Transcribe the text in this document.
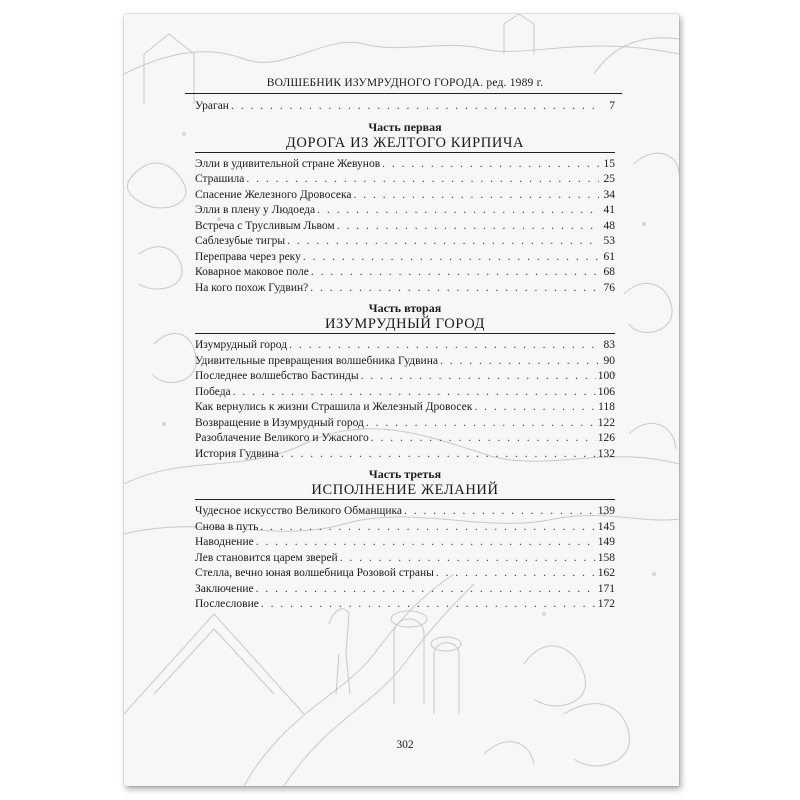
ВОЛШЕБНИК ИЗУМРУДНОГО ГОРОДА. ред. 1989 г.
Ураган . . .	7
Часть первая
ДОРОГА ИЗ ЖЕЛТОГО КИРПИЧА
Элли в удивительной стране Жевунов . . .	15
Страшила . . .	25
Спасение Железного Дровосека . . .	34
Элли в плену у Людоеда . . .	41
Встреча с Трусливым Львом . . .	48
Саблезубые тигры . . .	53
Переправа через реку . . .	61
Коварное маковое поле . . .	68
На кого похож Гудвин? . . .	76
Часть вторая
ИЗУМРУДНЫЙ ГОРОД
Изумрудный город . . .	83
Удивительные превращения волшебника Гудвина . . .	90
Последнее волшебство Бастинды . . .	100
Победа . . .	106
Как вернулись к жизни Страшила и Железный Дровосек . . .	118
Возвращение в Изумрудный город . . .	122
Разоблачение Великого и Ужасного . . .	126
История Гудвина . . .	132
Часть третья
ИСПОЛНЕНИЕ ЖЕЛАНИЙ
Чудесное искусство Великого Обманщика . . .	139
Снова в путь . . .	145
Наводнение . . .	149
Лев становится царем зверей . . .	158
Стелла, вечно юная волшебница Розовой страны . . .	162
Заключение . . .	171
Послесловие . . .	172
302
